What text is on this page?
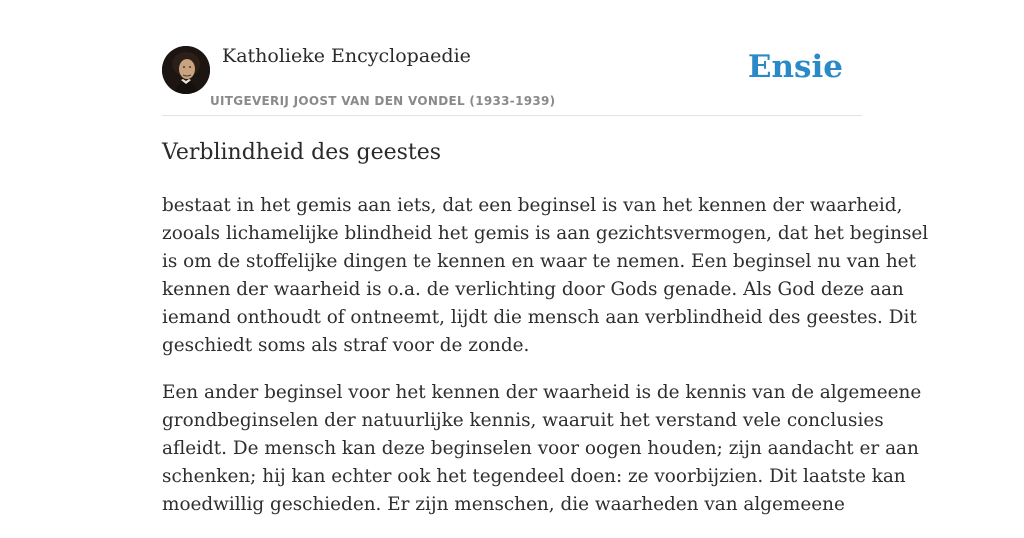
Katholieke Encyclopaedie
UITGEVERIJ JOOST VAN DEN VONDEL (1933-1939)
Ensie
Verblindheid des geestes

bestaat in het gemis aan iets, dat een beginsel is van het kennen der waarheid,
zooals lichamelijke blindheid het gemis is aan gezichtsvermogen, dat het beginsel
is om de stoffelijke dingen te kennen en waar te nemen. Een beginsel nu van het
kennen der waarheid is o.a. de verlichting door Gods genade. Als God deze aan
iemand onthoudt of ontneemt, lijdt die mensch aan verblindheid des geestes. Dit
geschiedt soms als straf voor de zonde.

Een ander beginsel voor het kennen der waarheid is de kennis van de algemeene
grondbeginselen der natuurlijke kennis, waaruit het verstand vele conclusies
afleidt. De mensch kan deze beginselen voor oogen houden; zijn aandacht er aan
schenken; hij kan echter ook het tegendeel doen: ze voorbijzien. Dit laatste kan
moedwillig geschieden. Er zijn menschen, die waarheden van algemeene
